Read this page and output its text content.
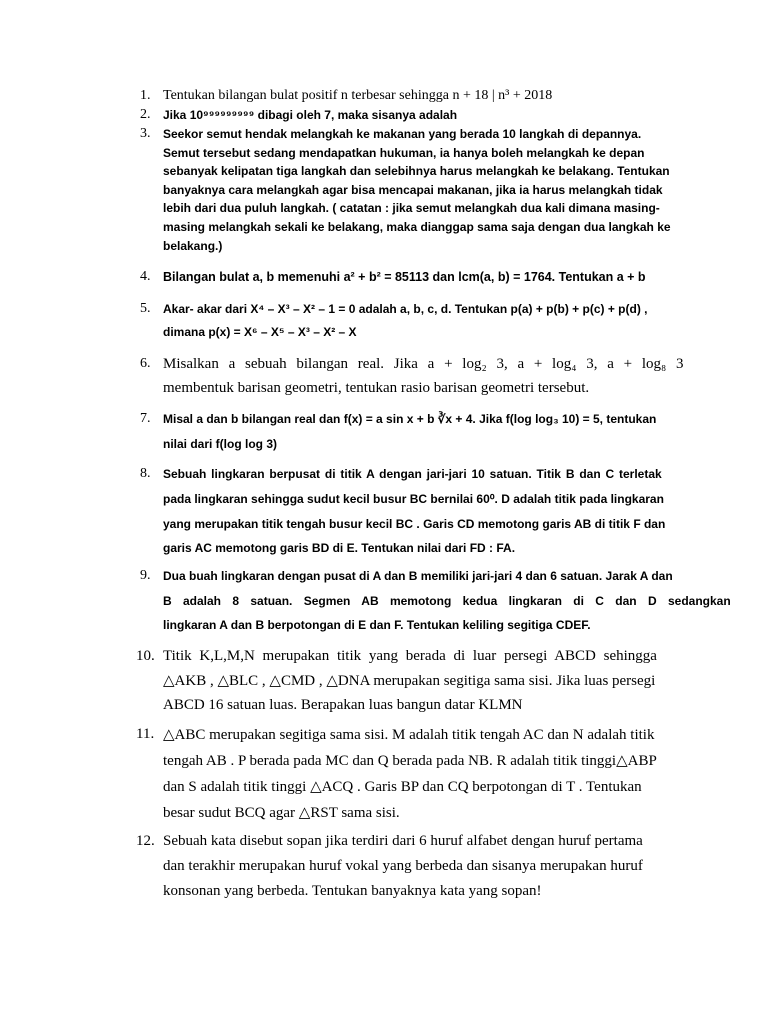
1. Tentukan bilangan bulat positif n terbesar sehingga n + 18 | n³ + 2018
2.	Jika 10⁹⁹⁹⁹⁹⁹⁹⁹⁹ dibagi oleh 7, maka sisanya adalah
3.	Seekor semut hendak melangkah ke makanan yang berada 10 langkah di depannya.
Semut tersebut sedang mendapatkan hukuman, ia hanya boleh melangkah ke depan
sebanyak kelipatan tiga langkah dan selebihnya harus melangkah ke belakang. Tentukan
banyaknya cara melangkah agar bisa mencapai makanan, jika ia harus melangkah tidak
lebih dari dua puluh langkah. ( catatan : jika semut melangkah dua kali dimana masing-
masing melangkah sekali ke belakang, maka dianggap sama saja dengan dua langkah ke
belakang.)
4.	Bilangan bulat a, b memenuhi a² + b² = 85113 dan lcm(a, b) = 1764. Tentukan a + b
5.	Akar- akar dari X⁴ – X³ – X² – 1 = 0 adalah a, b, c, d. Tentukan p(a) + p(b) + p(c) + p(d) ,
dimana p(x) = X⁶ – X⁵ – X³ – X² – X
6. Misalkan a sebuah bilangan real. Jika a + log₂ 3, a + log₄ 3, a + log₈ 3
membentuk barisan geometri, tentukan rasio barisan geometri tersebut.
7.	Misal a dan b bilangan real dan f(x) = a sin x + b ∛x + 4. Jika f(log log₃ 10) = 5, tentukan
nilai dari f(log log 3)
8.	Sebuah lingkaran berpusat di titik A dengan jari-jari 10 satuan. Titik B dan C terletak
pada lingkaran sehingga sudut kecil busur BC bernilai 60⁰. D adalah titik pada lingkaran
yang merupakan titik tengah busur kecil BC . Garis CD memotong garis AB di titik F dan
garis AC memotong garis BD di E. Tentukan nilai dari FD : FA.
9.	Dua buah lingkaran dengan pusat di A dan B memiliki jari-jari 4 dan 6 satuan. Jarak A dan
B adalah 8 satuan. Segmen AB memotong kedua lingkaran di C dan D sedangkan
lingkaran A dan B berpotongan di E dan F. Tentukan keliling segitiga CDEF.
10. Titik K,L,M,N merupakan titik yang berada di luar persegi ABCD sehingga
△AKB , △BLC , △CMD , △DNA merupakan segitiga sama sisi. Jika luas persegi
ABCD 16 satuan luas. Berapakan luas bangun datar KLMN
11. △ABC merupakan segitiga sama sisi. M adalah titik tengah AC dan N adalah titik
tengah AB . P berada pada MC dan Q berada pada NB. R adalah titik tinggi△ABP
dan S adalah titik tinggi △ACQ . Garis BP dan CQ berpotongan di T . Tentukan
besar sudut BCQ agar △RST sama sisi.
12. Sebuah kata disebut sopan jika terdiri dari 6 huruf alfabet dengan huruf pertama
dan terakhir merupakan huruf vokal yang berbeda dan sisanya merupakan huruf
konsonan yang berbeda. Tentukan banyaknya kata yang sopan!
